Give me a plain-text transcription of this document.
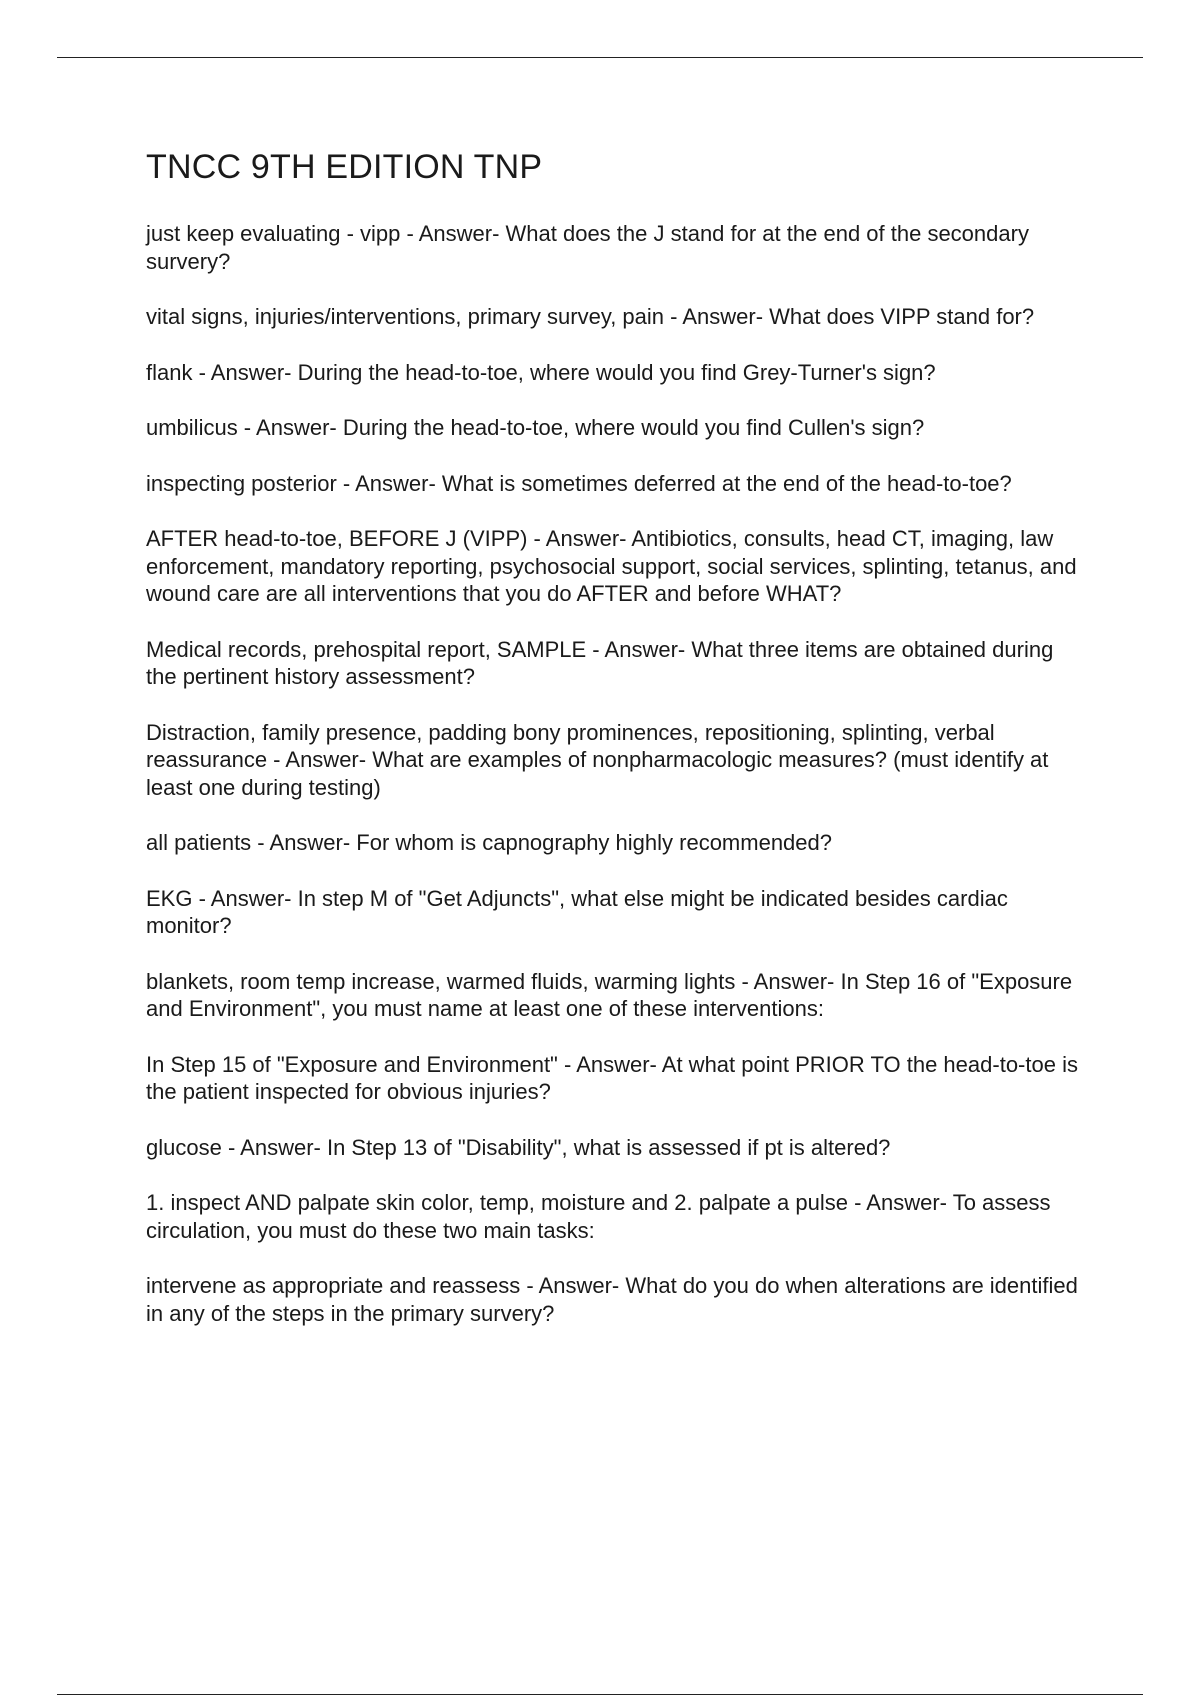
TNCC 9TH EDITION TNP
just keep evaluating - vipp - Answer- What does the J stand for at the end of the secondary survery?
vital signs, injuries/interventions, primary survey, pain - Answer- What does VIPP stand for?
flank - Answer- During the head-to-toe, where would you find Grey-Turner's sign?
umbilicus - Answer- During the head-to-toe, where would you find Cullen's sign?
inspecting posterior - Answer- What is sometimes deferred at the end of the head-to-toe?
AFTER head-to-toe, BEFORE J (VIPP) - Answer- Antibiotics, consults, head CT, imaging, law enforcement, mandatory reporting, psychosocial support, social services, splinting, tetanus, and wound care are all interventions that you do AFTER and before WHAT?
Medical records, prehospital report, SAMPLE - Answer- What three items are obtained during the pertinent history assessment?
Distraction, family presence, padding bony prominences, repositioning, splinting, verbal reassurance - Answer- What are examples of nonpharmacologic measures? (must identify at least one during testing)
all patients - Answer- For whom is capnography highly recommended?
EKG - Answer- In step M of "Get Adjuncts", what else might be indicated besides cardiac monitor?
blankets, room temp increase, warmed fluids, warming lights - Answer- In Step 16 of "Exposure and Environment", you must name at least one of these interventions:
In Step 15 of "Exposure and Environment" - Answer- At what point PRIOR TO the head-to-toe is the patient inspected for obvious injuries?
glucose - Answer- In Step 13 of "Disability", what is assessed if pt is altered?
1. inspect AND palpate skin color, temp, moisture and 2. palpate a pulse - Answer- To assess circulation, you must do these two main tasks:
intervene as appropriate and reassess - Answer- What do you do when alterations are identified in any of the steps in the primary survery?
